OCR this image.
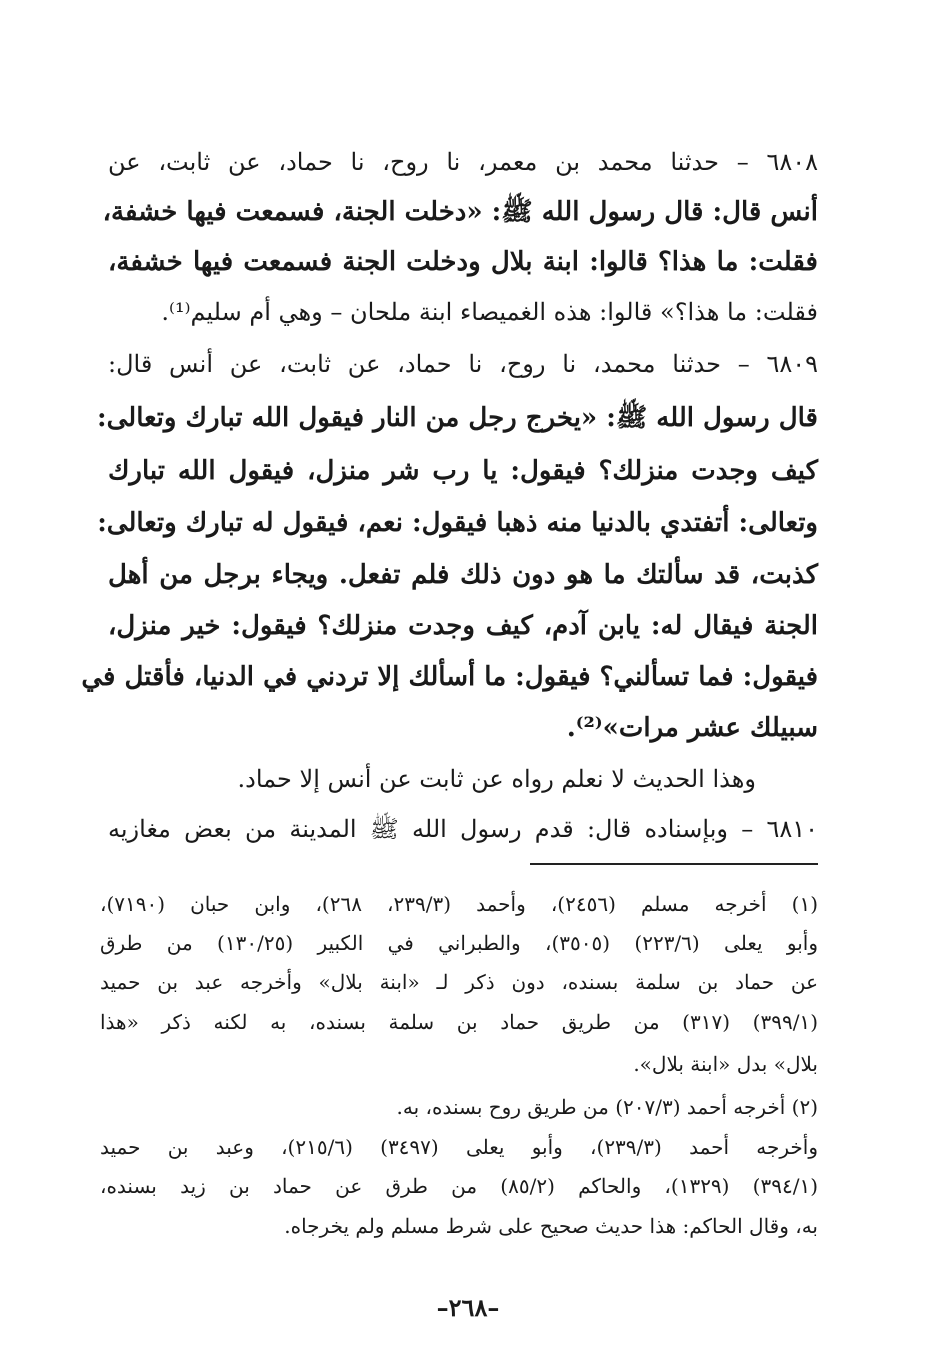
٦٨٠٨ – حدثنا محمد بن معمر، نا روح، نا حماد، عن ثابت، عن
أنس قال: قال رسول الله ﷺ: «دخلت الجنة، فسمعت فيها خشفة،
فقلت: ما هذا؟ قالوا: ابنة بلال ودخلت الجنة فسمعت فيها خشفة،
فقلت: ما هذا؟» قالوا: هذه الغميصاء ابنة ملحان – وهي أم سليم⁽¹⁾.
٦٨٠٩ – حدثنا محمد، نا روح، نا حماد، عن ثابت، عن أنس قال:
قال رسول الله ﷺ: «يخرج رجل من النار فيقول الله تبارك وتعالى:
كيف وجدت منزلك؟ فيقول: يا رب شر منزل، فيقول الله تبارك
وتعالى: أتفتدي بالدنيا منه ذهبا فيقول: نعم، فيقول له تبارك وتعالى:
كذبت، قد سألتك ما هو دون ذلك فلم تفعل. ويجاء برجل من أهل
الجنة فيقال له: يابن آدم، كيف وجدت منزلك؟ فيقول: خير منزل،
فيقول: فما تسألني؟ فيقول: ما أسألك إلا تردني في الدنيا، فأقتل في
سبيلك عشر مرات»⁽²⁾.
وهذا الحديث لا نعلم رواه عن ثابت عن أنس إلا حماد.
٦٨١٠ – وبإسناده قال: قدم رسول الله ﷺ المدينة من بعض مغازيه
(١) أخرجه مسلم (٢٤٥٦)، وأحمد (٢٣٩/٣، ٢٦٨)، وابن حبان (٧١٩٠)،
وأبو يعلى (٢٢٣/٦) (٣٥٠٥)، والطبراني في الكبير (١٣٠/٢٥) من طرق
عن حماد بن سلمة بسنده، دون ذكر لـ «ابنة بلال» وأخرجه عبد بن حميد
(٣٩٩/١) (٣١٧) من طريق حماد بن سلمة بسنده، به لكنه ذكر «هذا
بلال» بدل «ابنة بلال».
(٢) أخرجه أحمد (٢٠٧/٣) من طريق روح بسنده، به.
وأخرجه أحمد (٢٣٩/٣)، وأبو يعلى (٣٤٩٧) (٢١٥/٦)، وعبد بن حميد
(٣٩٤/١) (١٣٢٩)، والحاكم (٨٥/٢) من طرق عن حماد بن زيد بسنده،
به، وقال الحاكم: هذا حديث صحيح على شرط مسلم ولم يخرجاه.
–٢٦٨–
